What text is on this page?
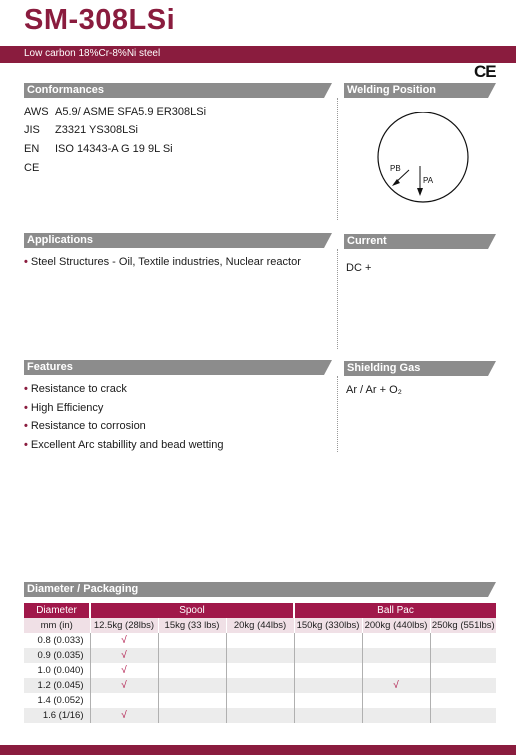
SM-308LSi
Low carbon 18%Cr-8%Ni steel
CE
Conformances
AWS A5.9/ ASME SFA5.9 ER308LSi
JIS Z3321 YS308LSi
EN ISO 14343-A G 19 9L Si
CE
Welding Position
PB
PA
Applications
• Steel Structures - Oil, Textile industries, Nuclear reactor
Current
DC +
Features
• Resistance to crack
• High Efficiency
• Resistance to corrosion
• Excellent Arc stabillity and bead wetting
Shielding Gas
Ar / Ar + O₂
Diameter / Packaging
Diameter	Spool			Ball Pac		
mm (in)	12.5kg (28lbs)	15kg (33 lbs)	20kg (44lbs)	150kg (330lbs)	200kg (440lbs)	250kg (551lbs)
0.8 (0.033)	√					
0.9 (0.035)	√					
1.0 (0.040)	√					
1.2 (0.045)	√				√	
1.4 (0.052)						
1.6 (1/16)	√					
